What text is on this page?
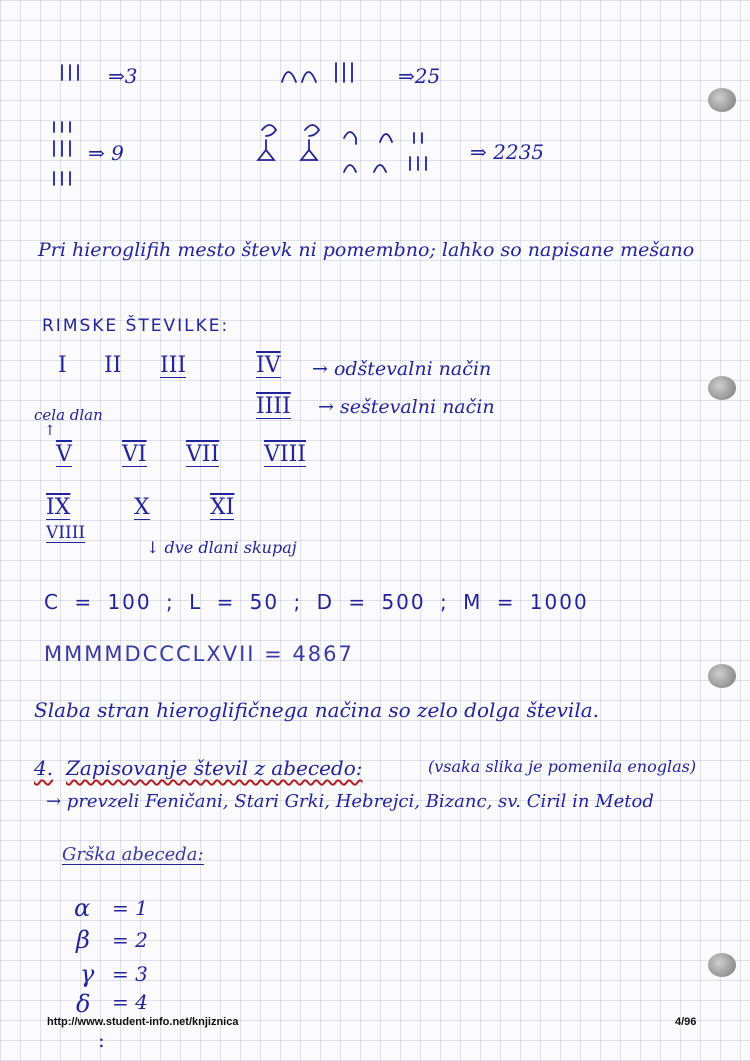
⇒3	⇒25
⇒ 9	⇒ 2235
Pri hieroglifih mesto števk ni pomembno; lahko so napisane mešano
RIMSKE ŠTEVILKE:
I II III	$\overline{IV}$ → odštevalni način
IIII → seštevalni način
cela dlan
↑
$\overline{V}$ $\overline{VI}$ $\overline{VII}$ VIII
$\overline{IX}$	X	$\overline{XI}$
VIIII
↓ dve dlani skupaj
C = 100 ; L = 50 ; D = 500 ; M = 1000
MMMMDCCCLXVII = 4867
Slaba stran hieroglifičnega načina so zelo dolga števila.
4. Zapisovanje števil z abecedo:	(vsaka slika je pomenila enoglas)
→ prevzeli Feničani, Stari Grki, Hebrejci, Bizanc, sv. Ciril in Metod
Grška abeceda:
α = 1
β = 2
γ = 3
δ = 4
:
http://www.student-info.net/knjiznica	4/96
